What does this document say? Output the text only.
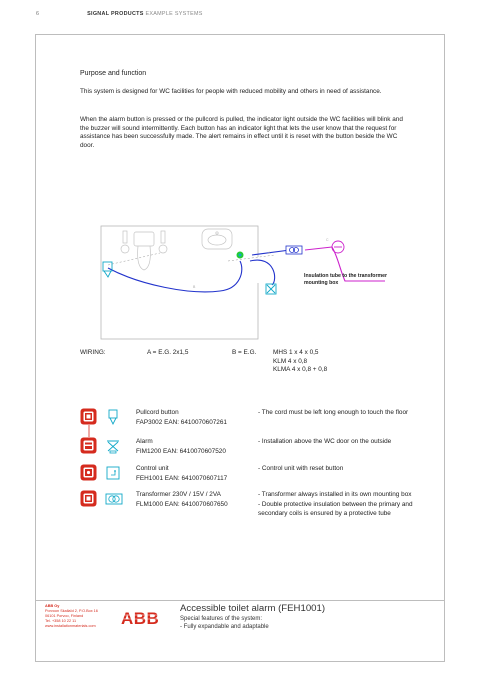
6	SIGNAL PRODUCTS EXAMPLE SYSTEMS
Purpose and function
This system is designed for WC facilities for people with reduced mobility and others in need of assistance.
When the alarm button is pressed or the pullcord is pulled, the indicator light outside the WC facilities will blink and the buzzer will sound intermittently. Each button has an indicator light that lets the user know that the request for assistance has been successfully made. The alert remains in effect until it is reset with the button beside the WC door.
A
B
C
Insulation tube to the transformer
mounting box
WIRING:	A = E.G. 2x1,5	B = E.G.	MHS 1 x 4 x 0,5
KLM 4 x 0,8
KLMA 4 x 0,8 + 0,8
Pullcord button
FAP3002 EAN: 6410070607261
- The cord must be left long enough to touch the floor
Alarm
FIM1200 EAN: 6410070607520
- Installation above the WC door on the outside
Control unit
FEH1001 EAN: 6410070607117
- Control unit with reset button
Transformer 230V / 15V / 2VA
FLM1000 EAN: 6410070607650
- Transformer always installed in its own mounting box
- Double protective insulation between the primary and secondary coils is ensured by a protective tube
ABB Oy
Porvoon Skallaïd 2, P.O.Box 16
06101 Porvoo, Finland
Tel. +358 10 22 11
www.installationmaterials.com	ABB
Accessible toilet alarm (FEH1001)
Special features of the system:
- Fully expandable and adaptable
